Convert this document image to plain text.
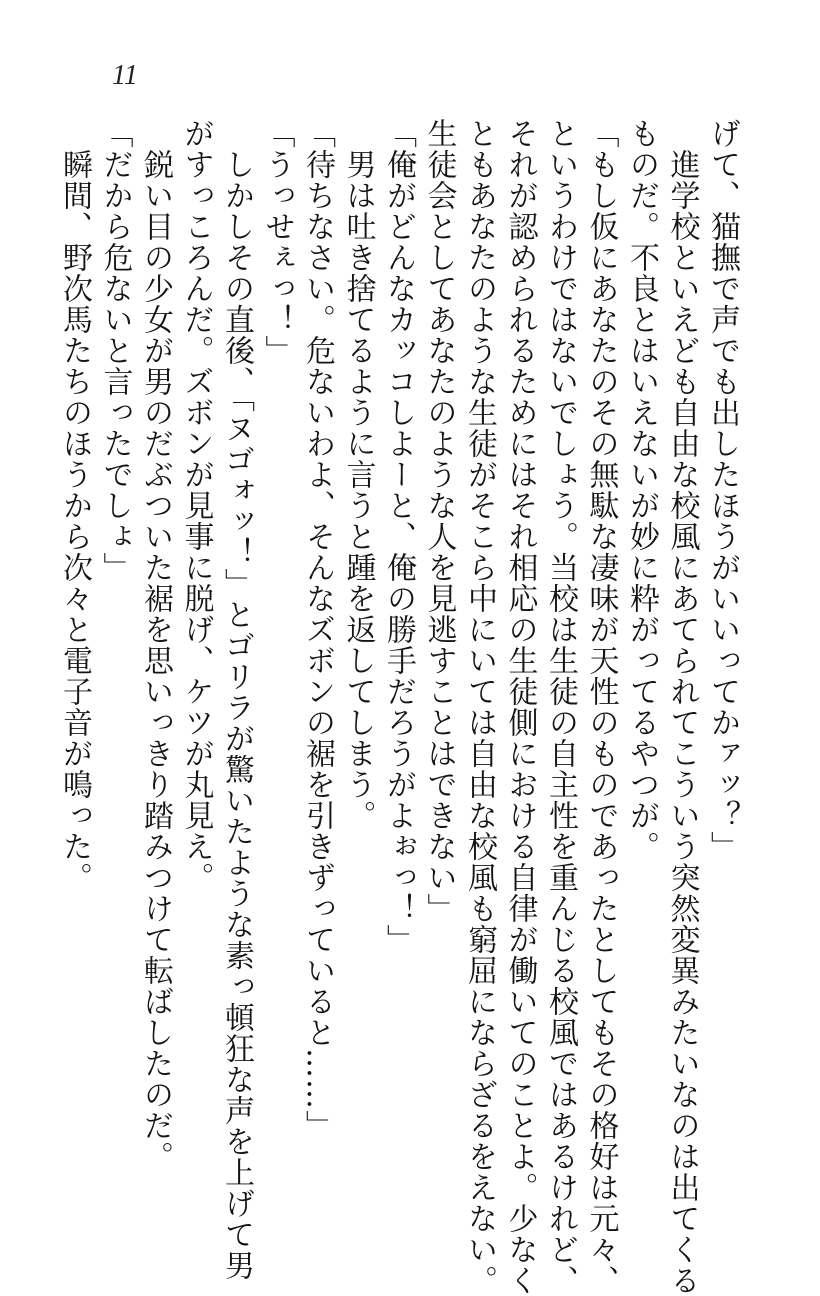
11
げて、猫撫で声でも出したほうがいいってかァッ？」
進学校といえども自由な校風にあてられてこういう突然変異みたいなのは出てくる
ものだ。不良とはいえないが妙に粋がってるやつが。
「もし仮にあなたのその無駄な凄味が天性のものであったとしてもその格好は元々、
というわけではないでしょう。当校は生徒の自主性を重んじる校風ではあるけれど、
それが認められるためにはそれ相応の生徒側における自律が働いてのことよ。少なく
ともあなたのような生徒がそこら中にいては自由な校風も窮屈にならざるをえない。
生徒会としてあなたのような人を見逃すことはできない」
「俺がどんなカッコしよーと、俺の勝手だろうがよぉっ！」
男は吐き捨てるように言うと踵を返してしまう。
「待ちなさい。危ないわよ、そんなズボンの裾を引きずっていると……」
「うっせぇっ！」
しかしその直後、「ヌゴォッ！」とゴリラが驚いたような素っ頓狂な声を上げて男
がすっころんだ。ズボンが見事に脱げ、ケツが丸見え。
鋭い目の少女が男のだぶついた裾を思いっきり踏みつけて転ばしたのだ。
「だから危ないと言ったでしょ」
瞬間、野次馬たちのほうから次々と電子音が鳴った。
